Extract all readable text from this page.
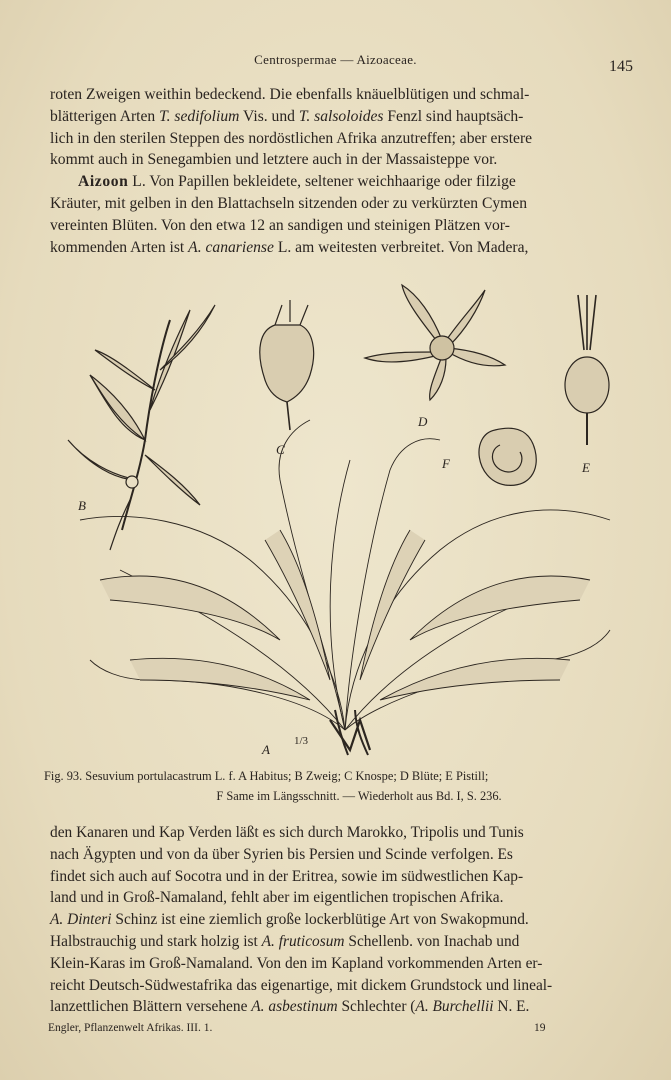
Centrospermae — Aizoaceae.	145

roten Zweigen weithin bedeckend. Die ebenfalls knäuelblütigen und schmal-

blätterigen Arten T. sedifolium Vis. und T. salsoloides Fenzl sind hauptsäch-

lich in den sterilen Steppen des nordöstlichen Afrika anzutreffen; aber erstere

kommt auch in Senegambien und letztere auch in der Massaisteppe vor.

Aizoon L. Von Papillen bekleidete, seltener weichhaarige oder filzige

Kräuter, mit gelben in den Blattachseln sitzenden oder zu verkürzten Cymen

vereinten Blüten. Von den etwa 12 an sandigen und steinigen Plätzen vor-

kommenden Arten ist A. canariense L. am weitesten verbreitet. Von Madera,

C
D
F	E
B
A
1/3
Fig. 93. Sesuvium portulacastrum L. f. A Habitus; B Zweig; C Knospe; D Blüte; E Pistill;
F Same im Längsschnitt. — Wiederholt aus Bd. I, S. 236.

den Kanaren und Kap Verden läßt es sich durch Marokko, Tripolis und Tunis

nach Ägypten und von da über Syrien bis Persien und Scinde verfolgen. Es

findet sich auch auf Socotra und in der Eritrea, sowie im südwestlichen Kap-

land und in Groß-Namaland, fehlt aber im eigentlichen tropischen Afrika.

A. Dinteri Schinz ist eine ziemlich große lockerblütige Art von Swakopmund.

Halbstrauchig und stark holzig ist A. fruticosum Schellenb. von Inachab und

Klein-Karas im Groß-Namaland. Von den im Kapland vorkommenden Arten er-

reicht Deutsch-Südwestafrika das eigenartige, mit dickem Grundstock und lineal-

lanzettlichen Blättern versehene A. asbestinum Schlechter (A. Burchellii N. E.

Engler, Pflanzenwelt Afrikas. III. 1.	19
